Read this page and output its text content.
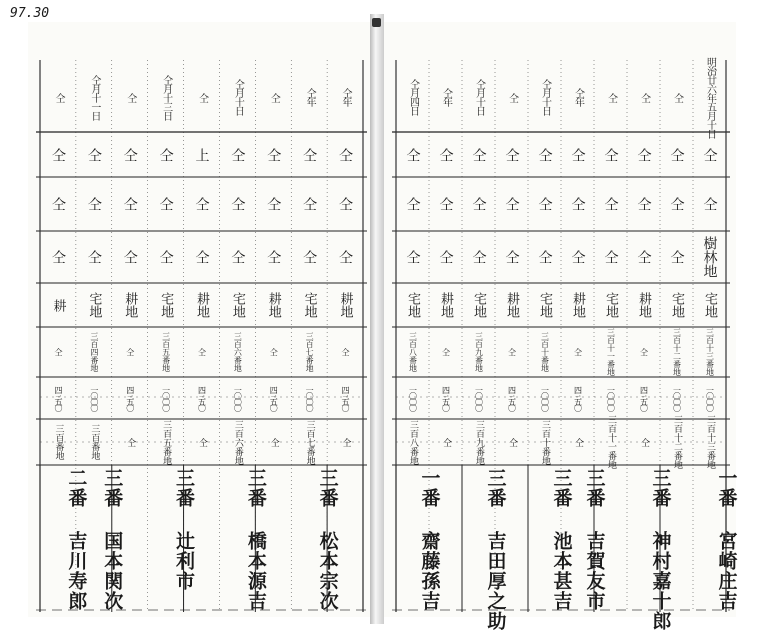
97.30
仝
仝
仝
仝
耕
仝
四三五〇
三百番地
二番 吉川寿郎
仝月十一日
仝
仝
仝
宅地
三百四番地
一〇〇〇
三百番地
三番 国本関次
仝
仝
仝
仝
耕地
仝
四三五〇
仝
仝月十三日
仝
仝
仝
宅地
三百五番地
一〇〇〇
三百五番地
三番 辻利市
仝
上
仝
仝
耕地
仝
四三五〇
仝
仝月十日
仝
仝
仝
宅地
三百六番地
一〇〇〇
三百六番地
三番 橋本源吉
仝
仝
仝
仝
耕地
仝
四三五〇
仝
仝年
仝
仝
仝
宅地
三百七番地
一〇〇〇
三百七番地
三番 松本宗次
仝年
仝
仝
仝
耕地
仝
四三五〇
仝
仝月四日
仝
仝
仝
宅地
三百八番地
一〇〇〇
三百八番地
一番 齋藤孫吉
仝年
仝
仝
仝
耕地
仝
四三五〇
仝
仝月十日
仝
仝
仝
宅地
三百九番地
一〇〇〇
三百九番地
三番 吉田厚之助
仝
仝
仝
仝
耕地
仝
四三五〇
仝
仝月十日
仝
仝
仝
宅地
三百十番地
一〇〇〇
三百十番地
三番 池本甚吉
仝年
仝
仝
仝
耕地
仝
四三五〇
仝
三番 吉賀友市
仝
仝
仝
仝
宅地
三百十一番地
一〇〇〇
三百十一番地
仝
仝
仝
仝
耕地
仝
四三五〇
仝
三番 神村嘉十郎
仝
仝
仝
仝
宅地
三百十二番地
一〇〇〇
三百十二番地
明治廿六年五月十日
仝
仝
樹林地
宅地
三百十三番地
一〇〇〇
三百十三番地
一番 宮崎庄吉
